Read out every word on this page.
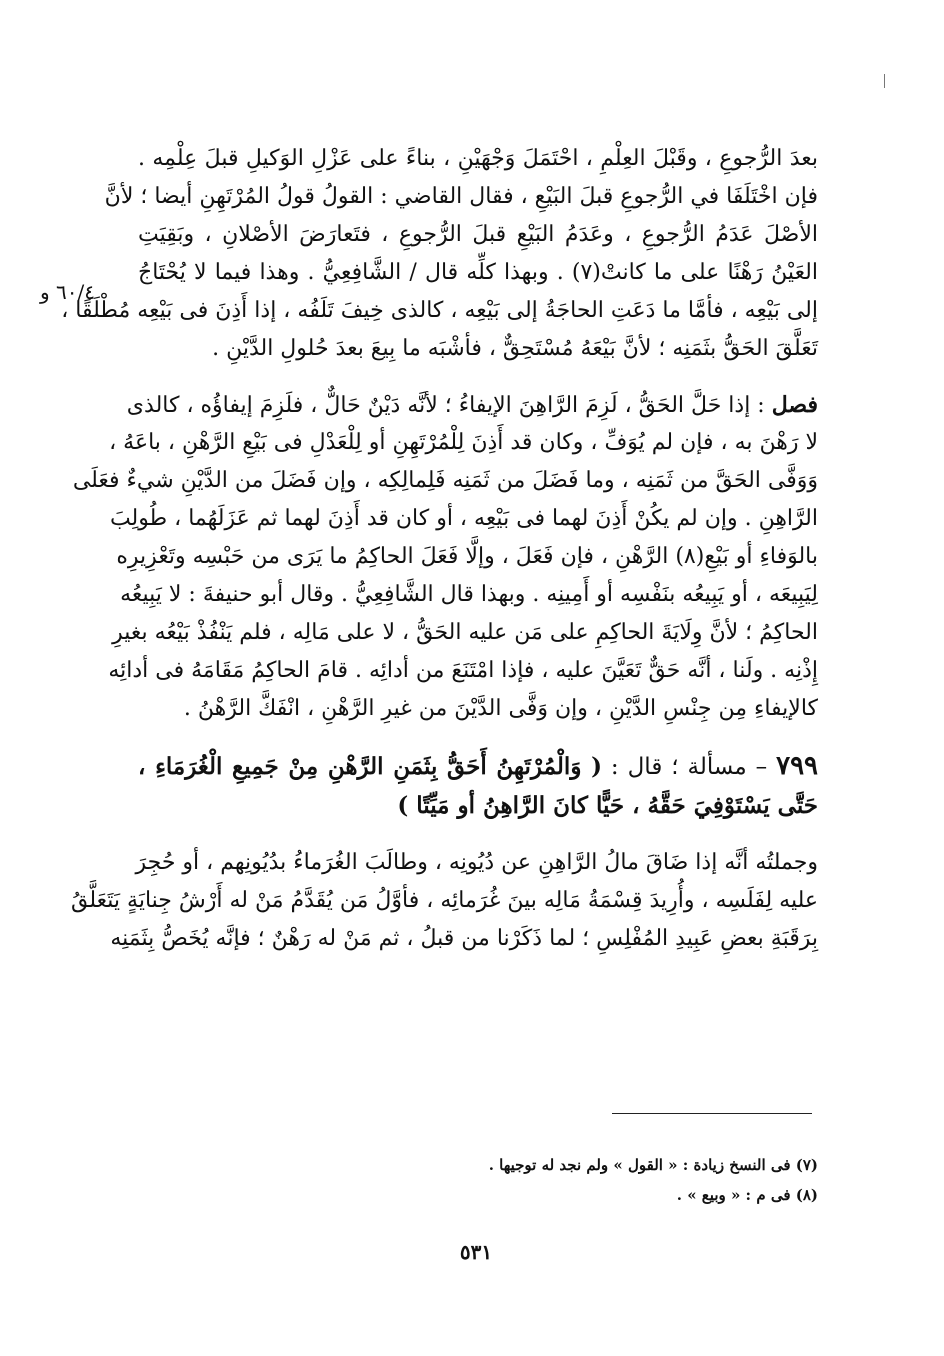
٦٠/٤ و
بعدَ الرُّجوعِ ، وقَبْلَ العِلْمِ ، احْتَمَلَ وَجْهَيْنِ ، بناءً على عَزْلِ الوَكيلِ قبلَ عِلْمِه .
فإن اخْتَلَفَا في الرُّجوعِ قبلَ البَيْعِ ، فقال القاضي : القولُ قولُ المُرْتَهِنِ أيضا ؛ لأنَّ
الأصْلَ عَدَمُ الرُّجوعِ ، وعَدَمُ البَيْعِ قبلَ الرُّجوعِ ، فتَعارَضَ الأصْلانِ ، وبَقِيَتِ
العَيْنُ رَهْنًا على ما كانتْ(٧) . وبهذا كلِّه قال / الشَّافِعِيُّ . وهذا فيما لا يُحْتَاجُ
إلى بَيْعِه ، فأمَّا ما دَعَتِ الحاجَةُ إلى بَيْعِه ، كالذى خِيفَ تَلَفُه ، إذا أَذِنَ فى بَيْعِه مُطْلَقًا ،
تَعَلَّقَ الحَقُّ بثَمَنِه ؛ لأنَّ بَيْعَهُ مُسْتَحِقٌّ ، فأشْبَه ما بِيعَ بعدَ حُلولِ الدَّيْنِ .
فصل : إذا حَلَّ الحَقُّ ، لَزِمَ الرَّاهِنَ الإيفاءُ ؛ لأنَّه دَيْنٌ حَالٌّ ، فلَزِمَ إيفاؤُه ، كالذى
لا رَهْنَ به ، فإن لم يُوَفِّ ، وكان قد أَذِنَ لِلْمُرْتَهِنِ أو لِلْعَدْلِ فى بَيْعِ الرَّهْنِ ، باعَهُ ،
وَوَفَّى الحَقَّ من ثَمَنِه ، وما فَضَلَ من ثَمَنِه فَلِمالِكِه ، وإن فَضَلَ من الدَّيْنِ شيءٌ فعَلَى
الرَّاهِنِ . وإن لم يكُنْ أَذِنَ لهما فى بَيْعِه ، أو كان قد أَذِنَ لهما ثم عَزَلَهُما ، طُولِبَ
بالوَفاءِ أو بَيْعِ(٨) الرَّهْنِ ، فإن فَعَلَ ، وإلَّا فَعَلَ الحاكِمُ ما يَرَى من حَبْسِه وتَعْزِيرِه
لِيَبِيعَه ، أو يَبِيعُه بنَفْسِه أو أَمِينِه . وبهذا قال الشَّافِعِيُّ . وقال أبو حنيفةَ : لا يَبِيعُه
الحاكِمُ ؛ لأنَّ وِلَايَةَ الحاكِمِ على مَن عليه الحَقُّ ، لا على مَالِه ، فلم يَنْفُذْ بَيْعُه بغيرِ
إِذْنِه . ولَنا ، أنَّه حَقٌّ تَعَيَّنَ عليه ، فإذا امْتَنَعَ من أدائِه . قامَ الحاكِمُ مَقَامَهُ فى أدائِه
كالإيفاءِ مِن جِنْسِ الدَّيْنِ ، وإن وَفَّى الدَّيْنَ من غيرِ الرَّهْنِ ، انْفَكَّ الرَّهْنُ .
٧٩٩ – مسألة ؛ قال : ( وَالْمُرْتَهِنُ أَحَقُّ بِثَمَنِ الرَّهْنِ مِنْ جَمِيعِ الْغُرَمَاءِ ،
حَتَّى يَسْتَوْفِيَ حَقَّهُ ، حَيًّا كانَ الرَّاهِنُ أو مَيِّتًا )
وجملتُه أنَّه إذا ضَاقَ مالُ الرَّاهِنِ عن دُيُونِه ، وطالَبَ الغُرَماءُ بدُيُونِهم ، أو حُجِرَ
عليه لِفَلَسِه ، وأُرِيدَ قِسْمَةُ مَالِه بينَ غُرَمائِه ، فأوَّلُ مَن يُقَدَّمُ مَنْ له أَرْشُ جِنايَةٍ يَتَعَلَّقُ
بِرَقَبَةِ بعضِ عَبِيدِ المُفْلِسِ ؛ لما ذَكَرْنا من قبلُ ، ثم مَنْ له رَهْنٌ ؛ فإنَّه يُخَصُّ بِثَمَنِه
(٧) فى النسخ زيادة : « القول » ولم نجد له توجيها .
(٨) فى م : « وبيع » .
٥٣١
